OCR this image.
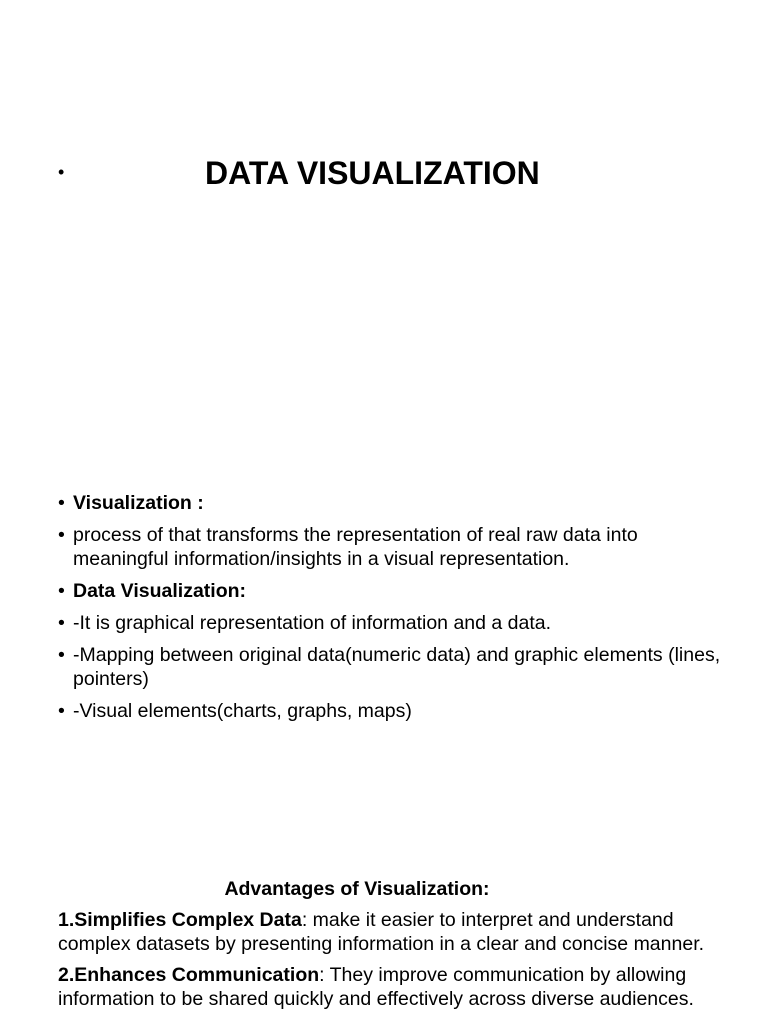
•	DATA VISUALIZATION
• Visualization :
• process of that transforms the representation of real raw data into meaningful information/insights in a visual representation.
• Data Visualization:
• -It is graphical representation of information and a data.
• -Mapping between original data(numeric data) and graphic elements (lines, pointers)
• -Visual elements(charts, graphs, maps)
Advantages of Visualization:

1.Simplifies Complex Data: make it easier to interpret and understand complex datasets by presenting information in a clear and concise manner.

2.Enhances Communication: They improve communication by allowing information to be shared quickly and effectively across diverse audiences.
